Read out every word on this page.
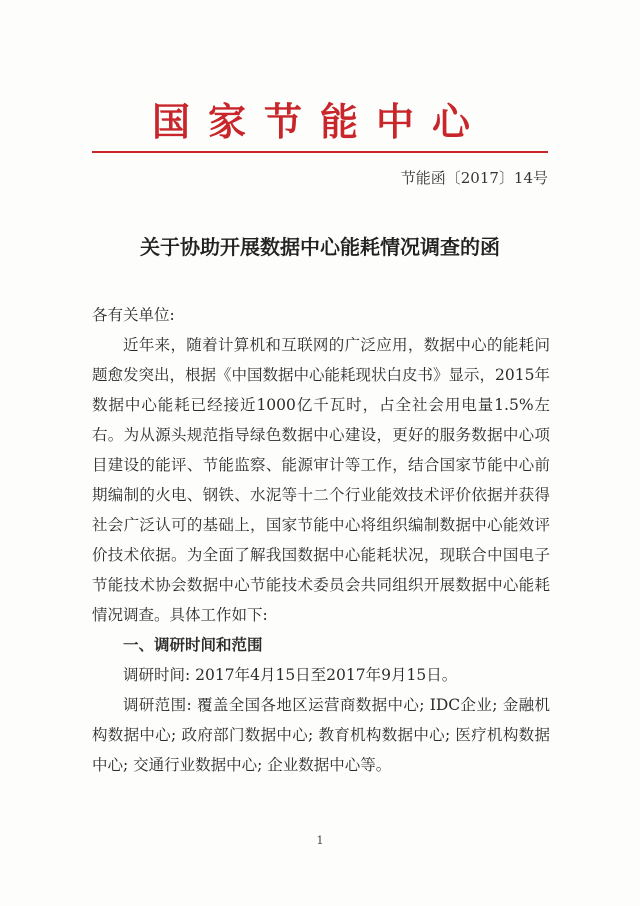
国家节能中心
节能函〔2017〕14号
关于协助开展数据中心能耗情况调查的函

各有关单位:

近年来，随着计算机和互联网的广泛应用，数据中心的能耗问题愈发突出，根据《中国数据中心能耗现状白皮书》显示，2015年数据中心能耗已经接近1000亿千瓦时，占全社会用电量1.5%左右。为从源头规范指导绿色数据中心建设，更好的服务数据中心项目建设的能评、节能监察、能源审计等工作，结合国家节能中心前期编制的火电、钢铁、水泥等十二个行业能效技术评价依据并获得社会广泛认可的基础上，国家节能中心将组织编制数据中心能效评价技术依据。为全面了解我国数据中心能耗状况，现联合中国电子节能技术协会数据中心节能技术委员会共同组织开展数据中心能耗情况调查。具体工作如下:

一、调研时间和范围

调研时间: 2017年4月15日至2017年9月15日。

调研范围: 覆盖全国各地区运营商数据中心; IDC企业; 金融机构数据中心; 政府部门数据中心; 教育机构数据中心; 医疗机构数据中心; 交通行业数据中心; 企业数据中心等。

1
